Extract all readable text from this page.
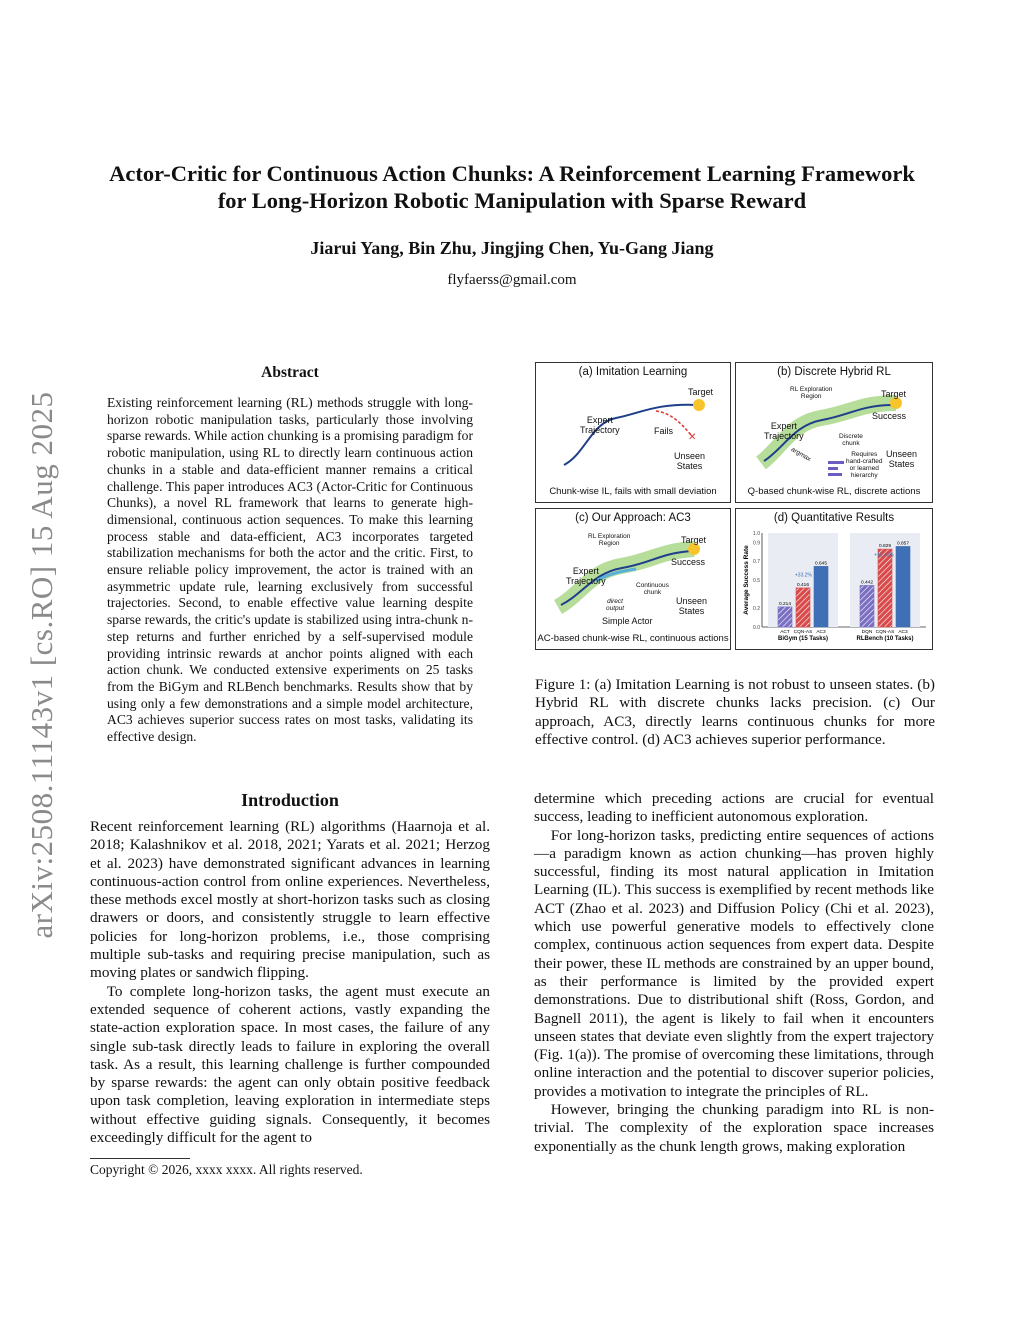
Actor-Critic for Continuous Action Chunks: A Reinforcement Learning Framework
for Long-Horizon Robotic Manipulation with Sparse Reward
Jiarui Yang, Bin Zhu, Jingjing Chen, Yu-Gang Jiang
flyfaerss@gmail.com
arXiv:2508.11143v1 [cs.RO] 15 Aug 2025
Abstract
Existing reinforcement learning (RL) methods struggle with long-horizon robotic manipulation tasks, particularly those involving sparse rewards. While action chunking is a promising paradigm for robotic manipulation, using RL to directly learn continuous action chunks in a stable and data-efficient manner remains a critical challenge. This paper introduces AC3 (Actor-Critic for Continuous Chunks), a novel RL framework that learns to generate high-dimensional, continuous action sequences. To make this learning process stable and data-efficient, AC3 incorporates targeted stabilization mechanisms for both the actor and the critic. First, to ensure reliable policy improvement, the actor is trained with an asymmetric update rule, learning exclusively from successful trajectories. Second, to enable effective value learning despite sparse rewards, the critic's update is stabilized using intra-chunk n-step returns and further enriched by a self-supervised module providing intrinsic rewards at anchor points aligned with each action chunk. We conducted extensive experiments on 25 tasks from the BiGym and RLBench benchmarks. Results show that by using only a few demonstrations and a simple model architecture, AC3 achieves superior success rates on most tasks, validating its effective design.
Introduction

Recent reinforcement learning (RL) algorithms (Haarnoja et al. 2018; Kalashnikov et al. 2018, 2021; Yarats et al. 2021; Herzog et al. 2023) have demonstrated significant advances in learning continuous-action control from online experiences. Nevertheless, these methods excel mostly at short-horizon tasks such as closing drawers or doors, and consistently struggle to learn effective policies for long-horizon problems, i.e., those comprising multiple sub-tasks and requiring precise manipulation, such as moving plates or sandwich flipping.

To complete long-horizon tasks, the agent must execute an extended sequence of coherent actions, vastly expanding the state-action exploration space. In most cases, the failure of any single sub-task directly leads to failure in exploring the overall task. As a result, this learning challenge is further compounded by sparse rewards: the agent can only obtain positive feedback upon task completion, leaving exploration in intermediate steps without effective guiding signals. Consequently, it becomes exceedingly difficult for the agent to

determine which preceding actions are crucial for eventual success, leading to inefficient autonomous exploration.

For long-horizon tasks, predicting entire sequences of actions—a paradigm known as action chunking—has proven highly successful, finding its most natural application in Imitation Learning (IL). This success is exemplified by recent methods like ACT (Zhao et al. 2023) and Diffusion Policy (Chi et al. 2023), which use powerful generative models to effectively clone complex, continuous action sequences from expert data. Despite their power, these IL methods are constrained by an upper bound, as their performance is limited by the provided expert demonstrations. Due to distributional shift (Ross, Gordon, and Bagnell 2011), the agent is likely to fail when it encounters unseen states that deviate even slightly from the expert trajectory (Fig. 1(a)). The promise of overcoming these limitations, through online interaction and the potential to discover superior policies, provides a motivation to integrate the principles of RL.

However, bringing the chunking paradigm into RL is non-trivial. The complexity of the exploration space increases exponentially as the chunk length grows, making exploration

Copyright © 2026, xxxx xxxx. All rights reserved.
(a) Imitation Learning
✕
Target
Expert
Trajectory	Fails
Unseen
States
Chunk-wise IL, fails with small deviation
(b) Discrete Hybrid RL
RL Exploration
Region	Target
Success
Expert
Trajectory	Discrete
chunk
Requires
hand-crafted
or learned
hierarchy
Unseen
States
argmax
Q-based chunk-wise RL, discrete actions
(c) Our Approach: AC3
RL Exploration
Region	Target
Success
Expert
Trajectory	Continuous
chunk
direct
output
Simple Actor
Unseen
States
AC-based chunk-wise RL, continuous actions
(d) Quantitative Results
Average Success Rate
0.0
0.2
0.5
0.7
0.9
1.0
0.214
ACT
0.416
CQN-AS
0.645
AC3
+33.2%
BiGym (15 Tasks)
0.442
DQN
0.829
CQN-AS
0.857
AC3
+12.45%
RLBench (10 Tasks)
Figure 1: (a) Imitation Learning is not robust to unseen states. (b) Hybrid RL with discrete chunks lacks precision. (c) Our approach, AC3, directly learns continuous chunks for more effective control. (d) AC3 achieves superior performance.
